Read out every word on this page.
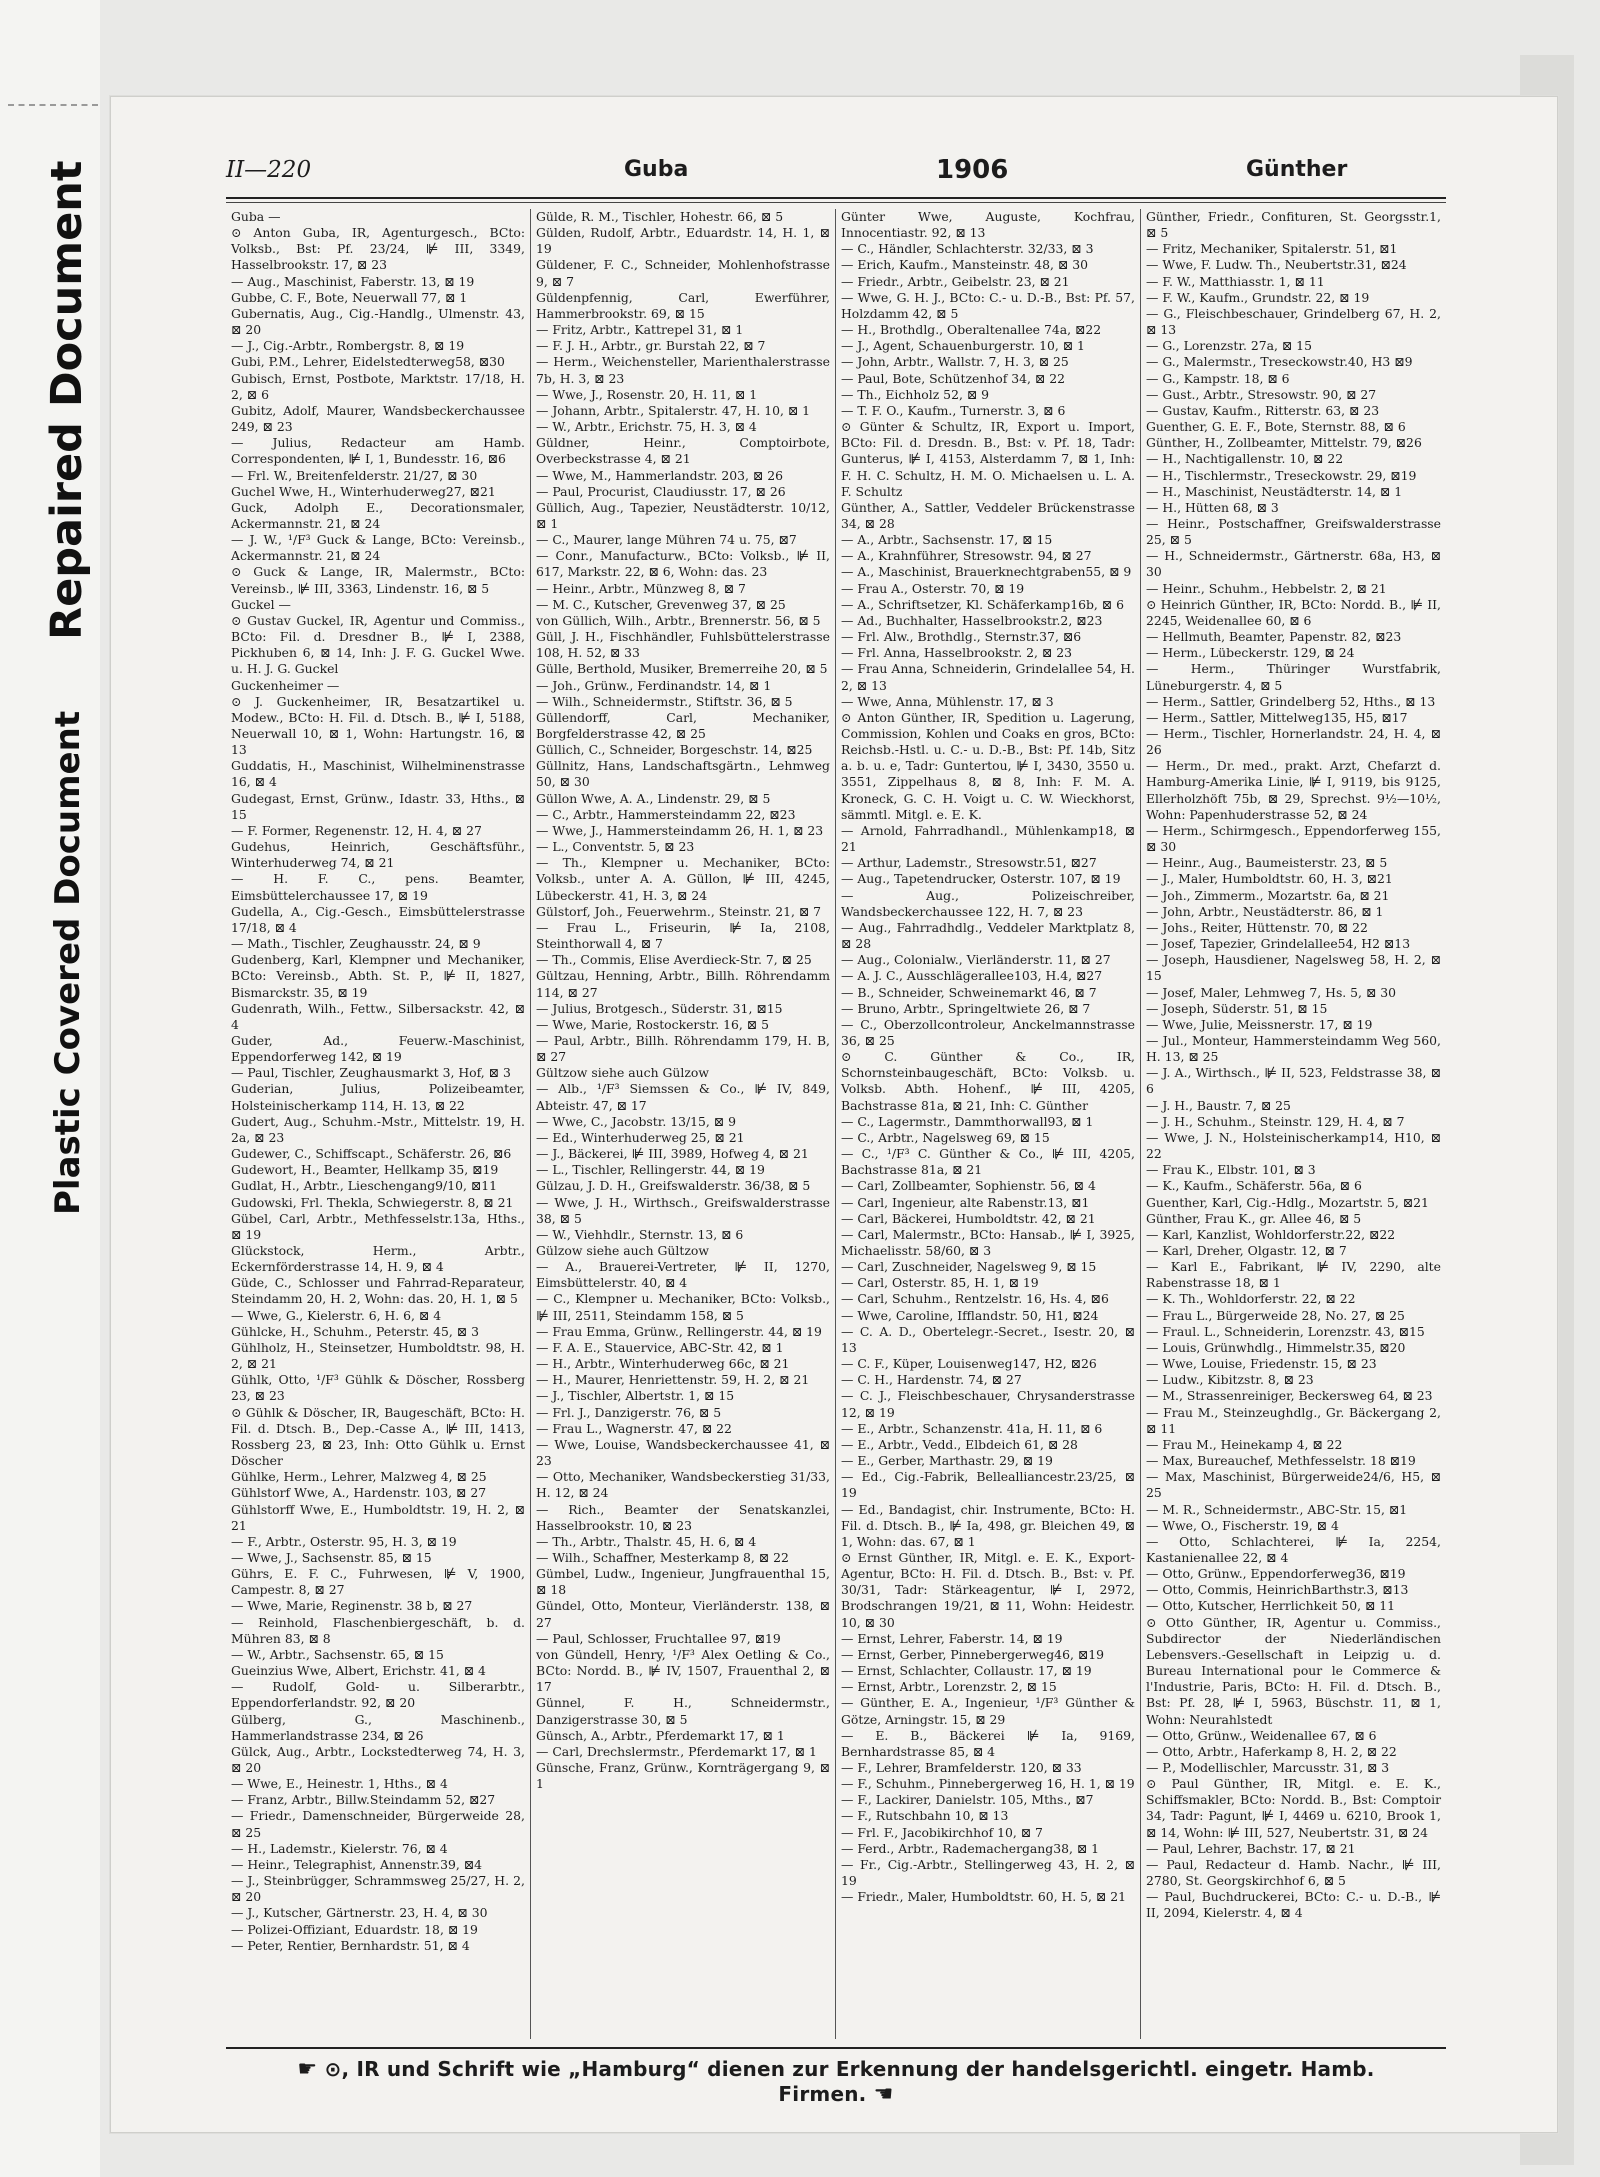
Repaired Document
Plastic Covered Document
II—220	Guba	1906	Günther

Guba —

⊙ Anton Guba, IR, Agenturgesch., BCto: Volksb., Bst: Pf. 23/24, ⊯ III, 3349, Hasselbrookstr. 17, ⊠ 23

— Aug., Maschinist, Faberstr. 13, ⊠ 19

Gubbe, C. F., Bote, Neuerwall 77, ⊠ 1

Gubernatis, Aug., Cig.-Handlg., Ulmenstr. 43, ⊠ 20

— J., Cig.-Arbtr., Rombergstr. 8, ⊠ 19

Gubi, P.M., Lehrer, Eidelstedterweg58, ⊠30

Gubisch, Ernst, Postbote, Marktstr. 17/18, H. 2, ⊠ 6

Gubitz, Adolf, Maurer, Wandsbeckerchaussee 249, ⊠ 23

— Julius, Redacteur am Hamb. Correspondenten, ⊯ I, 1, Bundesstr. 16, ⊠6

— Frl. W., Breitenfelderstr. 21/27, ⊠ 30

Guchel Wwe, H., Winterhuderweg27, ⊠21

Guck, Adolph E., Decorationsmaler, Ackermannstr. 21, ⊠ 24

— J. W., ¹/F³ Guck & Lange, BCto: Vereinsb., Ackermannstr. 21, ⊠ 24

⊙ Guck & Lange, IR, Malermstr., BCto: Vereinsb., ⊯ III, 3363, Lindenstr. 16, ⊠ 5

Guckel —

⊙ Gustav Guckel, IR, Agentur und Commiss., BCto: Fil. d. Dresdner B., ⊯ I, 2388, Pickhuben 6, ⊠ 14, Inh: J. F. G. Guckel Wwe. u. H. J. G. Guckel

Guckenheimer —

⊙ J. Guckenheimer, IR, Besatzartikel u. Modew., BCto: H. Fil. d. Dtsch. B., ⊯ I, 5188, Neuerwall 10, ⊠ 1, Wohn: Hartungstr. 16, ⊠ 13

Guddatis, H., Maschinist, Wilhelminenstrasse 16, ⊠ 4

Gudegast, Ernst, Grünw., Idastr. 33, Hths., ⊠ 15

— F. Former, Regenenstr. 12, H. 4, ⊠ 27

Gudehus, Heinrich, Geschäftsführ., Winterhuderweg 74, ⊠ 21

— H. F. C., pens. Beamter, Eimsbüttelerchaussee 17, ⊠ 19

Gudella, A., Cig.-Gesch., Eimsbüttelerstrasse 17/18, ⊠ 4

— Math., Tischler, Zeughausstr. 24, ⊠ 9

Gudenberg, Karl, Klempner und Mechaniker, BCto: Vereinsb., Abth. St. P., ⊯ II, 1827, Bismarckstr. 35, ⊠ 19

Gudenrath, Wilh., Fettw., Silbersackstr. 42, ⊠ 4

Guder, Ad., Feuerw.-Maschinist, Eppendorferweg 142, ⊠ 19

— Paul, Tischler, Zeughausmarkt 3, Hof, ⊠ 3

Guderian, Julius, Polizeibeamter, Holsteinischerkamp 114, H. 13, ⊠ 22

Gudert, Aug., Schuhm.-Mstr., Mittelstr. 19, H. 2a, ⊠ 23

Gudewer, C., Schiffscapt., Schäferstr. 26, ⊠6

Gudewort, H., Beamter, Hellkamp 35, ⊠19

Gudlat, H., Arbtr., Lieschengang9/10, ⊠11

Gudowski, Frl. Thekla, Schwiegerstr. 8, ⊠ 21

Gübel, Carl, Arbtr., Methfesselstr.13a, Hths., ⊠ 19

Glückstock, Herm., Arbtr., Eckernförderstrasse 14, H. 9, ⊠ 4

Güde, C., Schlosser und Fahrrad-Reparateur, Steindamm 20, H. 2, Wohn: das. 20, H. 1, ⊠ 5

— Wwe, G., Kielerstr. 6, H. 6, ⊠ 4

Gühlcke, H., Schuhm., Peterstr. 45, ⊠ 3

Gühlholz, H., Steinsetzer, Humboldtstr. 98, H. 2, ⊠ 21

Gühlk, Otto, ¹/F³ Gühlk & Döscher, Rossberg 23, ⊠ 23

⊙ Gühlk & Döscher, IR, Baugeschäft, BCto: H. Fil. d. Dtsch. B., Dep.-Casse A., ⊯ III, 1413, Rossberg 23, ⊠ 23, Inh: Otto Gühlk u. Ernst Döscher

Gühlke, Herm., Lehrer, Malzweg 4, ⊠ 25

Gühlstorf Wwe, A., Hardenstr. 103, ⊠ 27

Gühlstorff Wwe, E., Humboldtstr. 19, H. 2, ⊠ 21

— F., Arbtr., Osterstr. 95, H. 3, ⊠ 19

— Wwe, J., Sachsenstr. 85, ⊠ 15

Gührs, E. F. C., Fuhrwesen, ⊯ V, 1900, Campestr. 8, ⊠ 27

— Wwe, Marie, Reginenstr. 38 b, ⊠ 27

— Reinhold, Flaschenbiergeschäft, b. d. Mühren 83, ⊠ 8

— W., Arbtr., Sachsenstr. 65, ⊠ 15

Gueinzius Wwe, Albert, Erichstr. 41, ⊠ 4

— Rudolf, Gold- u. Silberarbtr., Eppendorferlandstr. 92, ⊠ 20

Gülberg, G., Maschinenb., Hammerlandstrasse 234, ⊠ 26

Gülck, Aug., Arbtr., Lockstedterweg 74, H. 3, ⊠ 20

— Wwe, E., Heinestr. 1, Hths., ⊠ 4

— Franz, Arbtr., Billw.Steindamm 52, ⊠27

— Friedr., Damenschneider, Bürgerweide 28, ⊠ 25

— H., Lademstr., Kielerstr. 76, ⊠ 4

— Heinr., Telegraphist, Annenstr.39, ⊠4

— J., Steinbrügger, Schrammsweg 25/27, H. 2, ⊠ 20

— J., Kutscher, Gärtnerstr. 23, H. 4, ⊠ 30

— Polizei-Offiziant, Eduardstr. 18, ⊠ 19

— Peter, Rentier, Bernhardstr. 51, ⊠ 4

Gülde, R. M., Tischler, Hohestr. 66, ⊠ 5

Gülden, Rudolf, Arbtr., Eduardstr. 14, H. 1, ⊠ 19

Güldener, F. C., Schneider, Mohlenhofstrasse 9, ⊠ 7

Güldenpfennig, Carl, Ewerführer, Hammerbrookstr. 69, ⊠ 15

— Fritz, Arbtr., Kattrepel 31, ⊠ 1

— F. J. H., Arbtr., gr. Burstah 22, ⊠ 7

— Herm., Weichensteller, Marienthalerstrasse 7b, H. 3, ⊠ 23

— Wwe, J., Rosenstr. 20, H. 11, ⊠ 1

— Johann, Arbtr., Spitalerstr. 47, H. 10, ⊠ 1

— W., Arbtr., Erichstr. 75, H. 3, ⊠ 4

Güldner, Heinr., Comptoirbote, Overbeckstrasse 4, ⊠ 21

— Wwe, M., Hammerlandstr. 203, ⊠ 26

— Paul, Procurist, Claudiusstr. 17, ⊠ 26

Güllich, Aug., Tapezier, Neustädterstr. 10/12, ⊠ 1

— C., Maurer, lange Mühren 74 u. 75, ⊠7

— Conr., Manufacturw., BCto: Volksb., ⊯ II, 617, Markstr. 22, ⊠ 6, Wohn: das. 23

— Heinr., Arbtr., Münzweg 8, ⊠ 7

— M. C., Kutscher, Grevenweg 37, ⊠ 25

von Güllich, Wilh., Arbtr., Brennerstr. 56, ⊠ 5

Güll, J. H., Fischhändler, Fuhlsbüttelerstrasse 108, H. 52, ⊠ 33

Gülle, Berthold, Musiker, Bremerreihe 20, ⊠ 5

— Joh., Grünw., Ferdinandstr. 14, ⊠ 1

— Wilh., Schneidermstr., Stiftstr. 36, ⊠ 5

Güllendorff, Carl, Mechaniker, Borgfelderstrasse 42, ⊠ 25

Güllich, C., Schneider, Borgeschstr. 14, ⊠25

Güllnitz, Hans, Landschaftsgärtn., Lehmweg 50, ⊠ 30

Güllon Wwe, A. A., Lindenstr. 29, ⊠ 5

— C., Arbtr., Hammersteindamm 22, ⊠23

— Wwe, J., Hammersteindamm 26, H. 1, ⊠ 23

— L., Conventstr. 5, ⊠ 23

— Th., Klempner u. Mechaniker, BCto: Volksb., unter A. A. Güllon, ⊯ III, 4245, Lübeckerstr. 41, H. 3, ⊠ 24

Gülstorf, Joh., Feuerwehrm., Steinstr. 21, ⊠ 7

— Frau L., Friseurin, ⊯ Ia, 2108, Steinthorwall 4, ⊠ 7

— Th., Commis, Elise Averdieck-Str. 7, ⊠ 25

Gültzau, Henning, Arbtr., Billh. Röhrendamm 114, ⊠ 27

— Julius, Brotgesch., Süderstr. 31, ⊠15

— Wwe, Marie, Rostockerstr. 16, ⊠ 5

— Paul, Arbtr., Billh. Röhrendamm 179, H. B, ⊠ 27

Gültzow siehe auch Gülzow

— Alb., ¹/F³ Siemssen & Co., ⊯ IV, 849, Abteistr. 47, ⊠ 17

— Wwe, C., Jacobstr. 13/15, ⊠ 9

— Ed., Winterhuderweg 25, ⊠ 21

— J., Bäckerei, ⊯ III, 3989, Hofweg 4, ⊠ 21

— L., Tischler, Rellingerstr. 44, ⊠ 19

Gülzau, J. D. H., Greifswalderstr. 36/38, ⊠ 5

— Wwe, J. H., Wirthsch., Greifswalderstrasse 38, ⊠ 5

— W., Viehhdlr., Sternstr. 13, ⊠ 6

Gülzow siehe auch Gültzow

— A., Brauerei-Vertreter, ⊯ II, 1270, Eimsbüttelerstr. 40, ⊠ 4

— C., Klempner u. Mechaniker, BCto: Volksb., ⊯ III, 2511, Steindamm 158, ⊠ 5

— Frau Emma, Grünw., Rellingerstr. 44, ⊠ 19

— F. A. E., Stauervice, ABC-Str. 42, ⊠ 1

— H., Arbtr., Winterhuderweg 66c, ⊠ 21

— H., Maurer, Henriettenstr. 59, H. 2, ⊠ 21

— J., Tischler, Albertstr. 1, ⊠ 15

— Frl. J., Danzigerstr. 76, ⊠ 5

— Frau L., Wagnerstr. 47, ⊠ 22

— Wwe, Louise, Wandsbeckerchaussee 41, ⊠ 23

— Otto, Mechaniker, Wandsbeckerstieg 31/33, H. 12, ⊠ 24

— Rich., Beamter der Senatskanzlei, Hasselbrookstr. 10, ⊠ 23

— Th., Arbtr., Thalstr. 45, H. 6, ⊠ 4

— Wilh., Schaffner, Mesterkamp 8, ⊠ 22

Gümbel, Ludw., Ingenieur, Jungfrauenthal 15, ⊠ 18

Gündel, Otto, Monteur, Vierländerstr. 138, ⊠ 27

— Paul, Schlosser, Fruchtallee 97, ⊠19

von Gündell, Henry, ¹/F³ Alex Oetling & Co., BCto: Nordd. B., ⊯ IV, 1507, Frauenthal 2, ⊠ 17

Günnel, F. H., Schneidermstr., Danzigerstrasse 30, ⊠ 5

Günsch, A., Arbtr., Pferdemarkt 17, ⊠ 1

— Carl, Drechslermstr., Pferdemarkt 17, ⊠ 1

Günsche, Franz, Grünw., Kornträgergang 9, ⊠ 1

Günter Wwe, Auguste, Kochfrau, Innocentiastr. 92, ⊠ 13

— C., Händler, Schlachterstr. 32/33, ⊠ 3

— Erich, Kaufm., Mansteinstr. 48, ⊠ 30

— Friedr., Arbtr., Geibelstr. 23, ⊠ 21

— Wwe, G. H. J., BCto: C.- u. D.-B., Bst: Pf. 57, Holzdamm 42, ⊠ 5

— H., Brothdlg., Oberaltenallee 74a, ⊠22

— J., Agent, Schauenburgerstr. 10, ⊠ 1

— John, Arbtr., Wallstr. 7, H. 3, ⊠ 25

— Paul, Bote, Schützenhof 34, ⊠ 22

— Th., Eichholz 52, ⊠ 9

— T. F. O., Kaufm., Turnerstr. 3, ⊠ 6

⊙ Günter & Schultz, IR, Export u. Import, BCto: Fil. d. Dresdn. B., Bst: v. Pf. 18, Tadr: Gunterus, ⊯ I, 4153, Alsterdamm 7, ⊠ 1, Inh: F. H. C. Schultz, H. M. O. Michaelsen u. L. A. F. Schultz

Günther, A., Sattler, Veddeler Brückenstrasse 34, ⊠ 28

— A., Arbtr., Sachsenstr. 17, ⊠ 15

— A., Krahnführer, Stresowstr. 94, ⊠ 27

— A., Maschinist, Brauerknechtgraben55, ⊠ 9

— Frau A., Osterstr. 70, ⊠ 19

— A., Schriftsetzer, Kl. Schäferkamp16b, ⊠ 6

— Ad., Buchhalter, Hasselbrookstr.2, ⊠23

— Frl. Alw., Brothdlg., Sternstr.37, ⊠6

— Frl. Anna, Hasselbrookstr. 2, ⊠ 23

— Frau Anna, Schneiderin, Grindelallee 54, H. 2, ⊠ 13

— Wwe, Anna, Mühlenstr. 17, ⊠ 3

⊙ Anton Günther, IR, Spedition u. Lagerung, Commission, Kohlen und Coaks en gros, BCto: Reichsb.-Hstl. u. C.- u. D.-B., Bst: Pf. 14b, Sitz a. b. u. e, Tadr: Guntertou, ⊯ I, 3430, 3550 u. 3551, Zippelhaus 8, ⊠ 8, Inh: F. M. A. Kroneck, G. C. H. Voigt u. C. W. Wieckhorst, sämmtl. Mitgl. e. E. K.

— Arnold, Fahrradhandl., Mühlenkamp18, ⊠ 21

— Arthur, Lademstr., Stresowstr.51, ⊠27

— Aug., Tapetendrucker, Osterstr. 107, ⊠ 19

— Aug., Polizeischreiber, Wandsbeckerchaussee 122, H. 7, ⊠ 23

— Aug., Fahrradhdlg., Veddeler Marktplatz 8, ⊠ 28

— Aug., Colonialw., Vierländerstr. 11, ⊠ 27

— A. J. C., Ausschlägerallee103, H.4, ⊠27

— B., Schneider, Schweinemarkt 46, ⊠ 7

— Bruno, Arbtr., Springeltwiete 26, ⊠ 7

— C., Oberzollcontroleur, Anckelmannstrasse 36, ⊠ 25

⊙ C. Günther & Co., IR, Schornsteinbaugeschäft, BCto: Volksb. u. Volksb. Abth. Hohenf., ⊯ III, 4205, Bachstrasse 81a, ⊠ 21, Inh: C. Günther

— C., Lagermstr., Dammthorwall93, ⊠ 1

— C., Arbtr., Nagelsweg 69, ⊠ 15

— C., ¹/F³ C. Günther & Co., ⊯ III, 4205, Bachstrasse 81a, ⊠ 21

— Carl, Zollbeamter, Sophienstr. 56, ⊠ 4

— Carl, Ingenieur, alte Rabenstr.13, ⊠1

— Carl, Bäckerei, Humboldtstr. 42, ⊠ 21

— Carl, Malermstr., BCto: Hansab., ⊯ I, 3925, Michaelisstr. 58/60, ⊠ 3

— Carl, Zuschneider, Nagelsweg 9, ⊠ 15

— Carl, Osterstr. 85, H. 1, ⊠ 19

— Carl, Schuhm., Rentzelstr. 16, Hs. 4, ⊠6

— Wwe, Caroline, Ifflandstr. 50, H1, ⊠24

— C. A. D., Obertelegr.-Secret., Isestr. 20, ⊠ 13

— C. F., Küper, Louisenweg147, H2, ⊠26

— C. H., Hardenstr. 74, ⊠ 27

— C. J., Fleischbeschauer, Chrysanderstrasse 12, ⊠ 19

— E., Arbtr., Schanzenstr. 41a, H. 11, ⊠ 6

— E., Arbtr., Vedd., Elbdeich 61, ⊠ 28

— E., Gerber, Marthastr. 29, ⊠ 19

— Ed., Cig.-Fabrik, Bellealliancestr.23/25, ⊠ 19

— Ed., Bandagist, chir. Instrumente, BCto: H. Fil. d. Dtsch. B., ⊯ Ia, 498, gr. Bleichen 49, ⊠ 1, Wohn: das. 67, ⊠ 1

⊙ Ernst Günther, IR, Mitgl. e. E. K., Export-Agentur, BCto: H. Fil. d. Dtsch. B., Bst: v. Pf. 30/31, Tadr: Stärkeagentur, ⊯ I, 2972, Brodschrangen 19/21, ⊠ 11, Wohn: Heidestr. 10, ⊠ 30

— Ernst, Lehrer, Faberstr. 14, ⊠ 19

— Ernst, Gerber, Pinnebergerweg46, ⊠19

— Ernst, Schlachter, Collaustr. 17, ⊠ 19

— Ernst, Arbtr., Lorenzstr. 2, ⊠ 15

— Günther, E. A., Ingenieur, ¹/F³ Günther & Götze, Arningstr. 15, ⊠ 29

— E. B., Bäckerei ⊯ Ia, 9169, Bernhardstrasse 85, ⊠ 4

— F., Lehrer, Bramfelderstr. 120, ⊠ 33

— F., Schuhm., Pinnebergerweg 16, H. 1, ⊠ 19

— F., Lackirer, Danielstr. 105, Mths., ⊠7

— F., Rutschbahn 10, ⊠ 13

— Frl. F., Jacobikirchhof 10, ⊠ 7

— Ferd., Arbtr., Rademachergang38, ⊠ 1

— Fr., Cig.-Arbtr., Stellingerweg 43, H. 2, ⊠ 19

— Friedr., Maler, Humboldtstr. 60, H. 5, ⊠ 21

Günther, Friedr., Confituren, St. Georgsstr.1, ⊠ 5

— Fritz, Mechaniker, Spitalerstr. 51, ⊠1

— Wwe, F. Ludw. Th., Neubertstr.31, ⊠24

— F. W., Matthiasstr. 1, ⊠ 11

— F. W., Kaufm., Grundstr. 22, ⊠ 19

— G., Fleischbeschauer, Grindelberg 67, H. 2, ⊠ 13

— G., Lorenzstr. 27a, ⊠ 15

— G., Malermstr., Treseckowstr.40, H3 ⊠9

— G., Kampstr. 18, ⊠ 6

— Gust., Arbtr., Stresowstr. 90, ⊠ 27

— Gustav, Kaufm., Ritterstr. 63, ⊠ 23

Guenther, G. E. F., Bote, Sternstr. 88, ⊠ 6

Günther, H., Zollbeamter, Mittelstr. 79, ⊠26

— H., Nachtigallenstr. 10, ⊠ 22

— H., Tischlermstr., Treseckowstr. 29, ⊠19

— H., Maschinist, Neustädterstr. 14, ⊠ 1

— H., Hütten 68, ⊠ 3

— Heinr., Postschaffner, Greifswalderstrasse 25, ⊠ 5

— H., Schneidermstr., Gärtnerstr. 68a, H3, ⊠ 30

— Heinr., Schuhm., Hebbelstr. 2, ⊠ 21

⊙ Heinrich Günther, IR, BCto: Nordd. B., ⊯ II, 2245, Weidenallee 60, ⊠ 6

— Hellmuth, Beamter, Papenstr. 82, ⊠23

— Herm., Lübeckerstr. 129, ⊠ 24

— Herm., Thüringer Wurstfabrik, Lüneburgerstr. 4, ⊠ 5

— Herm., Sattler, Grindelberg 52, Hths., ⊠ 13

— Herm., Sattler, Mittelweg135, H5, ⊠17

— Herm., Tischler, Hornerlandstr. 24, H. 4, ⊠ 26

— Herm., Dr. med., prakt. Arzt, Chefarzt d. Hamburg-Amerika Linie, ⊯ I, 9119, bis 9125, Ellerholzhöft 75b, ⊠ 29, Sprechst. 9½—10½, Wohn: Papenhuderstrasse 52, ⊠ 24

— Herm., Schirmgesch., Eppendorferweg 155, ⊠ 30

— Heinr., Aug., Baumeisterstr. 23, ⊠ 5

— J., Maler, Humboldtstr. 60, H. 3, ⊠21

— Joh., Zimmerm., Mozartstr. 6a, ⊠ 21

— John, Arbtr., Neustädterstr. 86, ⊠ 1

— Johs., Reiter, Hüttenstr. 70, ⊠ 22

— Josef, Tapezier, Grindelallee54, H2 ⊠13

— Joseph, Hausdiener, Nagelsweg 58, H. 2, ⊠ 15

— Josef, Maler, Lehmweg 7, Hs. 5, ⊠ 30

— Joseph, Süderstr. 51, ⊠ 15

— Wwe, Julie, Meissnerstr. 17, ⊠ 19

— Jul., Monteur, Hammersteindamm Weg 560, H. 13, ⊠ 25

— J. A., Wirthsch., ⊯ II, 523, Feldstrasse 38, ⊠ 6

— J. H., Baustr. 7, ⊠ 25

— J. H., Schuhm., Steinstr. 129, H. 4, ⊠ 7

— Wwe, J. N., Holsteinischerkamp14, H10, ⊠ 22

— Frau K., Elbstr. 101, ⊠ 3

— K., Kaufm., Schäferstr. 56a, ⊠ 6

Guenther, Karl, Cig.-Hdlg., Mozartstr. 5, ⊠21

Günther, Frau K., gr. Allee 46, ⊠ 5

— Karl, Kanzlist, Wohldorferstr.22, ⊠22

— Karl, Dreher, Olgastr. 12, ⊠ 7

— Karl E., Fabrikant, ⊯ IV, 2290, alte Rabenstrasse 18, ⊠ 1

— K. Th., Wohldorferstr. 22, ⊠ 22

— Frau L., Bürgerweide 28, No. 27, ⊠ 25

— Fraul. L., Schneiderin, Lorenzstr. 43, ⊠15

— Louis, Grünwhdlg., Himmelstr.35, ⊠20

— Wwe, Louise, Friedenstr. 15, ⊠ 23

— Ludw., Kibitzstr. 8, ⊠ 23

— M., Strassenreiniger, Beckersweg 64, ⊠ 23

— Frau M., Steinzeughdlg., Gr. Bäckergang 2, ⊠ 11

— Frau M., Heinekamp 4, ⊠ 22

— Max, Bureauchef, Methfesselstr. 18 ⊠19

— Max, Maschinist, Bürgerweide24/6, H5, ⊠ 25

— M. R., Schneidermstr., ABC-Str. 15, ⊠1

— Wwe, O., Fischerstr. 19, ⊠ 4

— Otto, Schlachterei, ⊯ Ia, 2254, Kastanienallee 22, ⊠ 4

— Otto, Grünw., Eppendorferweg36, ⊠19

— Otto, Commis, HeinrichBarthstr.3, ⊠13

— Otto, Kutscher, Herrlichkeit 50, ⊠ 11

⊙ Otto Günther, IR, Agentur u. Commiss., Subdirector der Niederländischen Lebensvers.-Gesellschaft in Leipzig u. d. Bureau International pour le Commerce & l'Industrie, Paris, BCto: H. Fil. d. Dtsch. B., Bst: Pf. 28, ⊯ I, 5963, Büschstr. 11, ⊠ 1, Wohn: Neurahlstedt

— Otto, Grünw., Weidenallee 67, ⊠ 6

— Otto, Arbtr., Haferkamp 8, H. 2, ⊠ 22

— P., Modellischler, Marcusstr. 31, ⊠ 3

⊙ Paul Günther, IR, Mitgl. e. E. K., Schiffsmakler, BCto: Nordd. B., Bst: Comptoir 34, Tadr: Pagunt, ⊯ I, 4469 u. 6210, Brook 1, ⊠ 14, Wohn: ⊯ III, 527, Neubertstr. 31, ⊠ 24

— Paul, Lehrer, Bachstr. 17, ⊠ 21

— Paul, Redacteur d. Hamb. Nachr., ⊯ III, 2780, St. Georgskirchhof 6, ⊠ 5

— Paul, Buchdruckerei, BCto: C.- u. D.-B., ⊯ II, 2094, Kielerstr. 4, ⊠ 4

☛ ⊙, IR und Schrift wie „Hamburg“ dienen zur Erkennung der handelsgerichtl. eingetr. Hamb. Firmen. ☚
